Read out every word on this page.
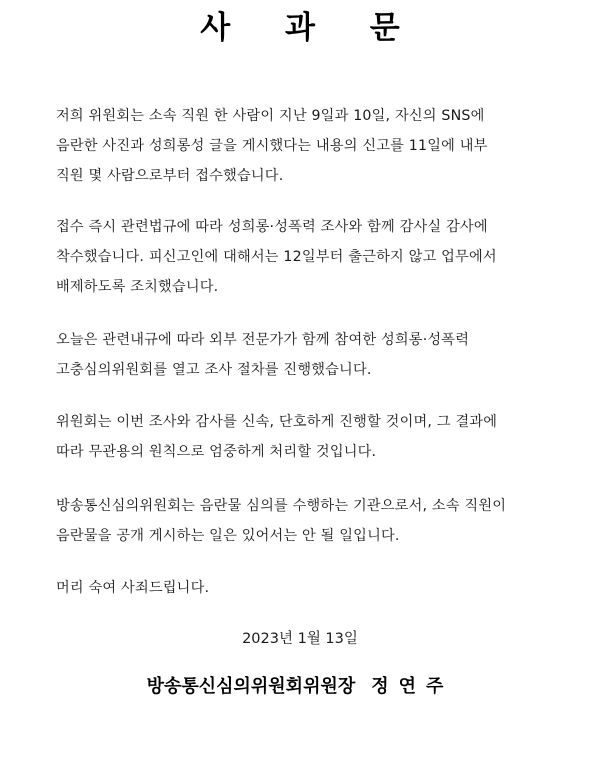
사 과 문
저희 위원회는 소속 직원 한 사람이 지난 9일과 10일, 자신의 SNS에
음란한 사진과 성희롱성 글을 게시했다는 내용의 신고를 11일에 내부
직원 몇 사람으로부터 접수했습니다.
접수 즉시 관련법규에 따라 성희롱·성폭력 조사와 함께 감사실 감사에
착수했습니다. 피신고인에 대해서는 12일부터 출근하지 않고 업무에서
배제하도록 조치했습니다.
오늘은 관련내규에 따라 외부 전문가가 함께 참여한 성희롱·성폭력
고충심의위원회를 열고 조사 절차를 진행했습니다.
위원회는 이번 조사와 감사를 신속, 단호하게 진행할 것이며, 그 결과에
따라 무관용의 원칙으로 엄중하게 처리할 것입니다.
방송통신심의위원회는 음란물 심의를 수행하는 기관으로서, 소속 직원이
음란물을 공개 게시하는 일은 있어서는 안 될 일입니다.
머리 숙여 사죄드립니다.
2023년 1월 13일
방송통신심의위원회위원장 정연주
